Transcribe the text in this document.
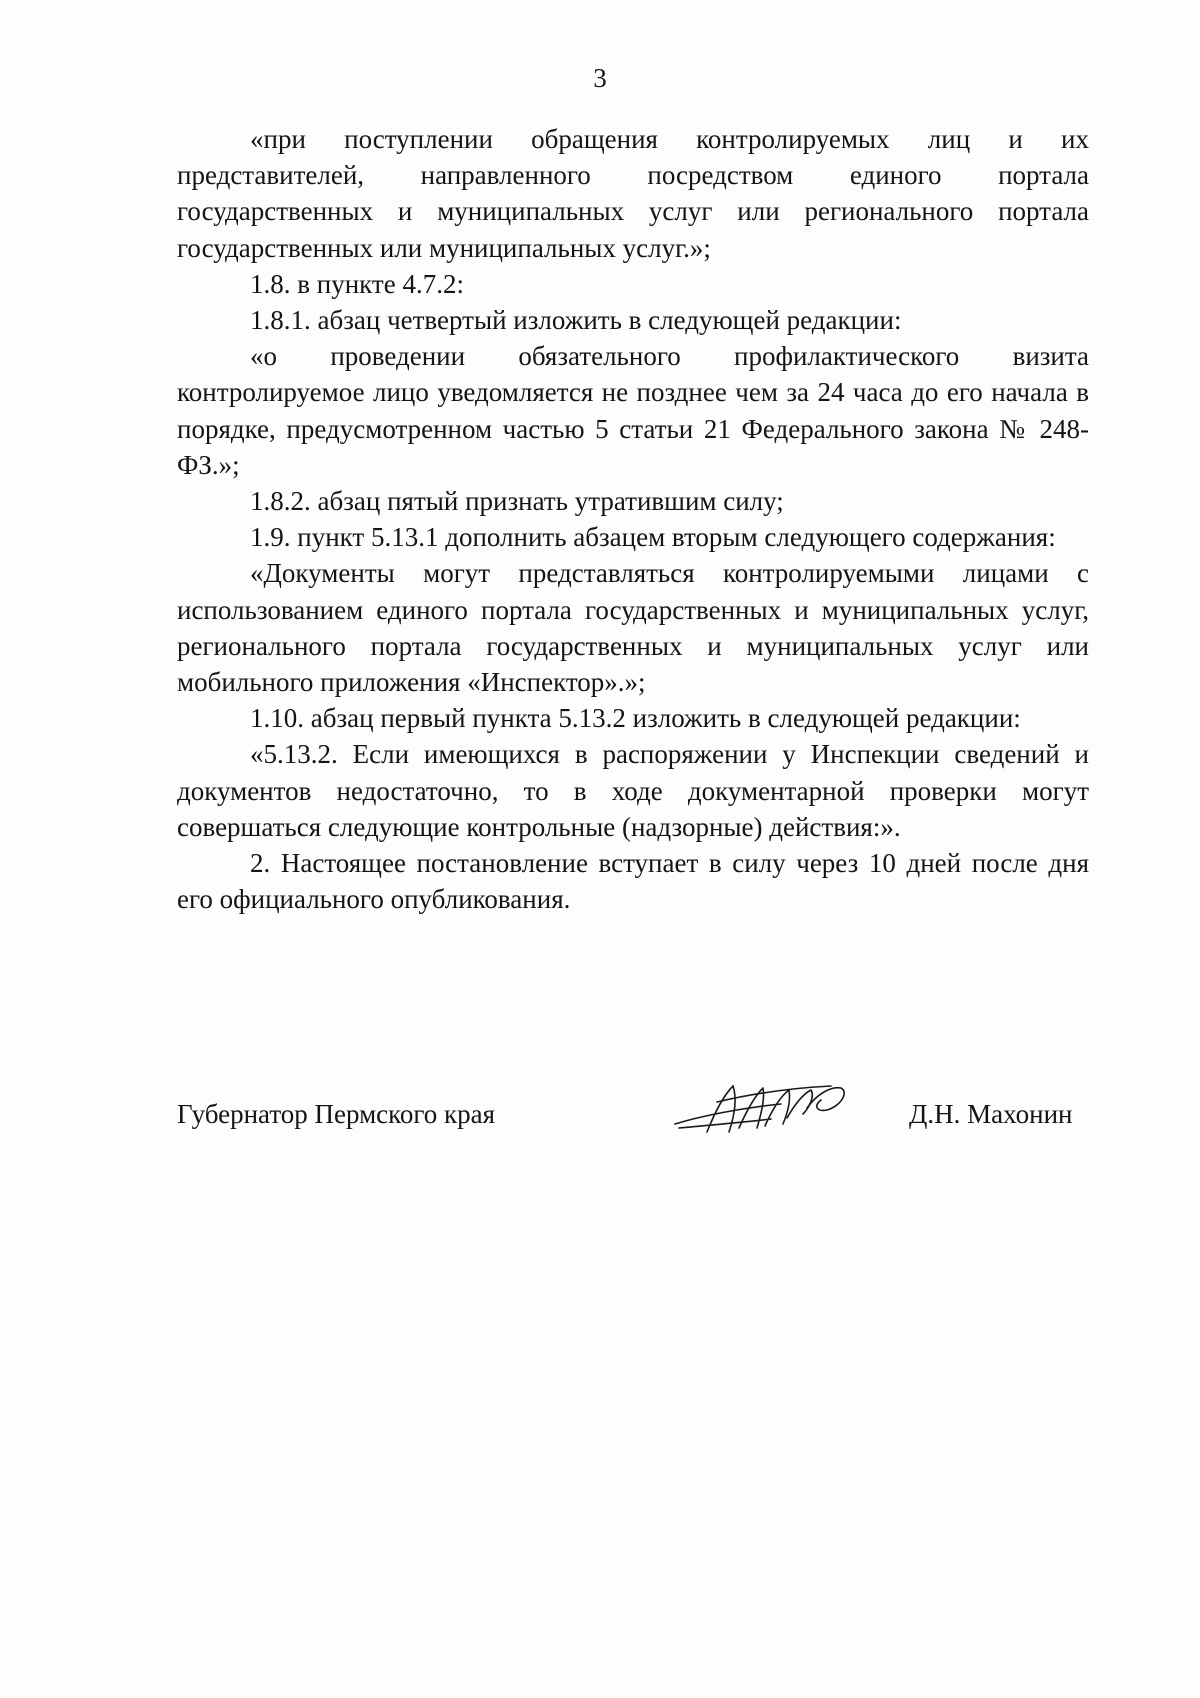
3

«при поступлении обращения контролируемых лиц и их представителей, направленного посредством единого портала государственных и муниципальных услуг или регионального портала государственных или муниципальных услуг.»;

1.8. в пункте 4.7.2:

1.8.1. абзац четвертый изложить в следующей редакции:

«о проведении обязательного профилактического визита контролируемое лицо уведомляется не позднее чем за 24 часа до его начала в порядке, предусмотренном частью 5 статьи 21 Федерального закона № 248-ФЗ.»;

1.8.2. абзац пятый признать утратившим силу;

1.9. пункт 5.13.1 дополнить абзацем вторым следующего содержания:

«Документы могут представляться контролируемыми лицами с использованием единого портала государственных и муниципальных услуг, регионального портала государственных и муниципальных услуг или мобильного приложения «Инспектор».»;

1.10. абзац первый пункта 5.13.2 изложить в следующей редакции:

«5.13.2. Если имеющихся в распоряжении у Инспекции сведений и документов недостаточно, то в ходе документарной проверки могут совершаться следующие контрольные (надзорные) действия:».

2. Настоящее постановление вступает в силу через 10 дней после дня его официального опубликования.

Губернатор Пермского края	Д.Н. Махонин
